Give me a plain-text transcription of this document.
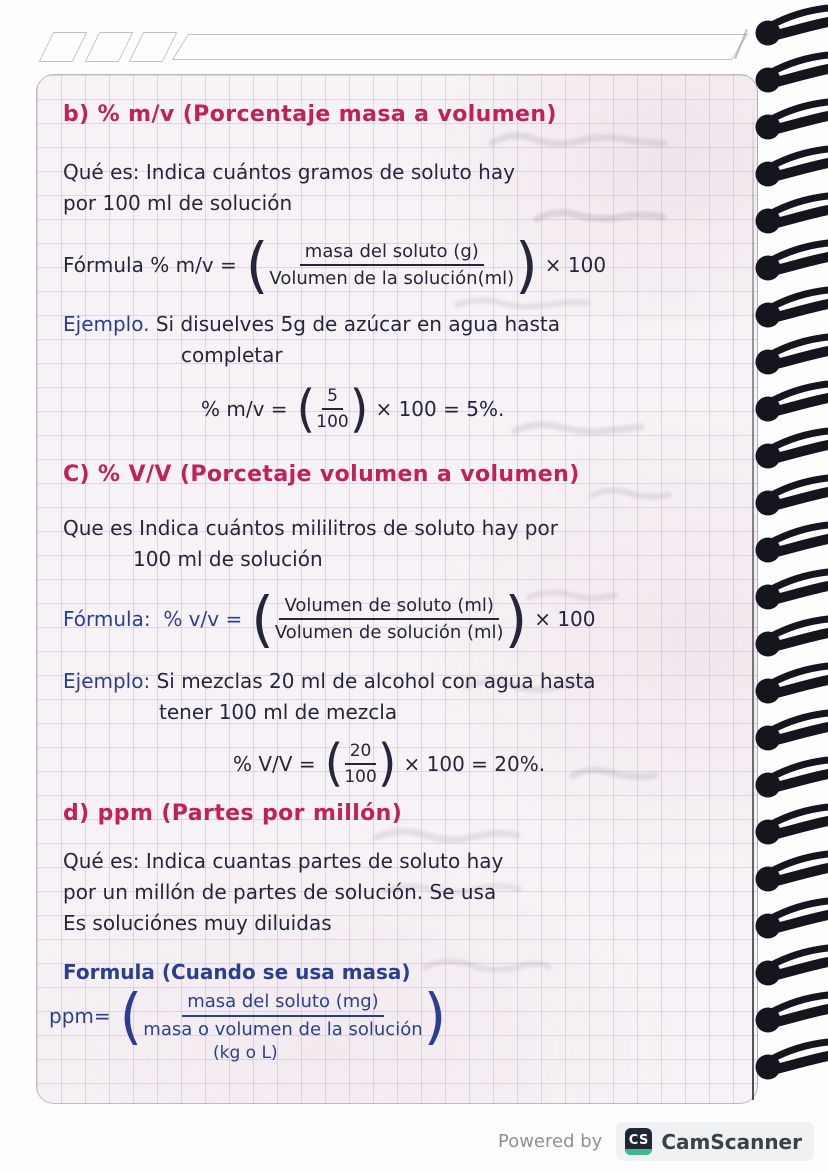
b) % m/v (Porcentaje masa a volumen)

Qué es: Indica cuántos gramos de soluto hay

por 100 ml de solución

Fórmula % m/v = ( $\frac{\text{masa del soluto (g)}}{\text{Volumen de la solución(ml)}}$ ) × 100

Ejemplo. Si disuelves 5g de azúcar en agua hasta

completar

% m/v = ( $\frac{5}{100}$ ) × 100 = 5%.
C) % V/V (Porcetaje volumen a volumen)

Que es Indica cuántos mililitros de soluto hay por

100 ml de solución

Fórmula:  % v/v = ( $\frac{\text{Volumen de soluto (ml)}}{\text{Volumen de solución (ml)}}$ ) × 100

Ejemplo: Si mezclas 20 ml de alcohol con agua hasta

tener 100 ml de mezcla

% V/V = ( $\frac{20}{100}$ ) × 100 = 20%.
d) ppm (Partes por millón)

Qué es: Indica cuantas partes de soluto hay

por un millón de partes de solución. Se usa

Es soluciónes muy diluidas

Formula (Cuando se usa masa)

ppm= ( $\frac{\text{masa del soluto (mg)}}{\text{masa o volumen de la solución}}$ )

(kg o L)

Powered by CS CamScanner
